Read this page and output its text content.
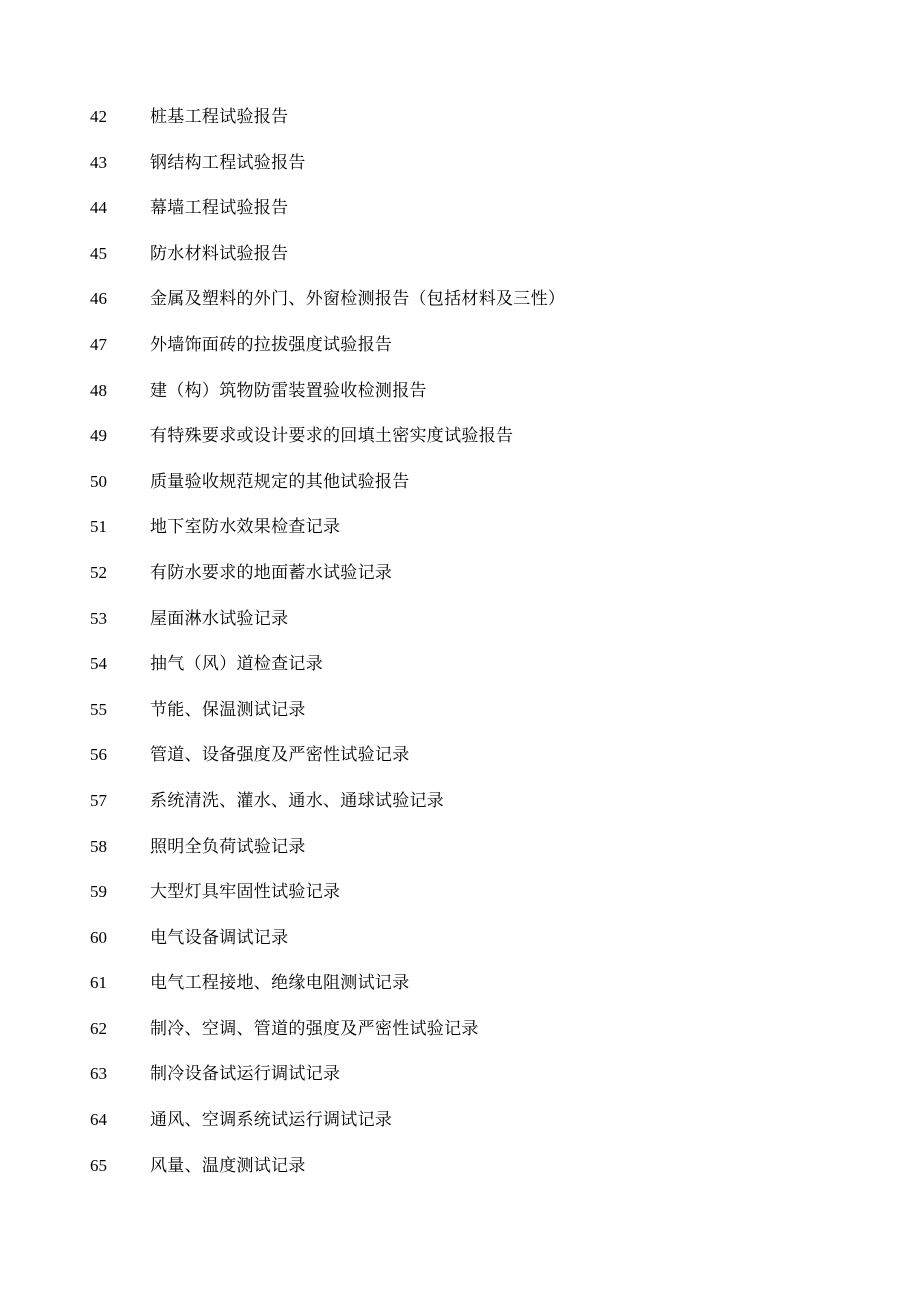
42	桩基工程试验报告
43	钢结构工程试验报告
44	幕墙工程试验报告
45	防水材料试验报告
46	金属及塑料的外门、外窗检测报告（包括材料及三性）
47	外墙饰面砖的拉拔强度试验报告
48	建（构）筑物防雷装置验收检测报告
49	有特殊要求或设计要求的回填土密实度试验报告
50	质量验收规范规定的其他试验报告
51	地下室防水效果检查记录
52	有防水要求的地面蓄水试验记录
53	屋面淋水试验记录
54	抽气（风）道检查记录
55	节能、保温测试记录
56	管道、设备强度及严密性试验记录
57	系统清洗、灌水、通水、通球试验记录
58	照明全负荷试验记录
59	大型灯具牢固性试验记录
60	电气设备调试记录
61	电气工程接地、绝缘电阻测试记录
62	制冷、空调、管道的强度及严密性试验记录
63	制冷设备试运行调试记录
64	通风、空调系统试运行调试记录
65	风量、温度测试记录
